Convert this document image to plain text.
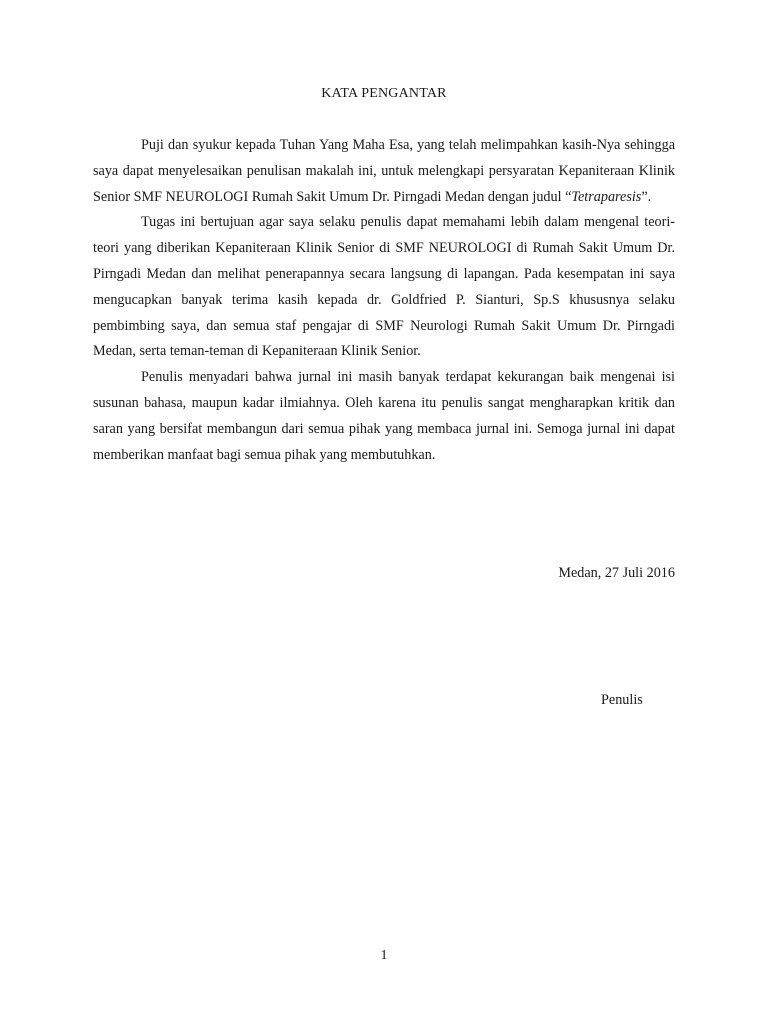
KATA PENGANTAR

Puji dan syukur kepada Tuhan Yang Maha Esa, yang telah melimpahkan kasih-Nya sehingga saya dapat menyelesaikan penulisan makalah ini, untuk melengkapi persyaratan Kepaniteraan Klinik Senior SMF NEUROLOGI Rumah Sakit Umum Dr. Pirngadi Medan dengan judul “Tetraparesis”.

Tugas ini bertujuan agar saya selaku penulis dapat memahami lebih dalam mengenal teori-teori yang diberikan Kepaniteraan Klinik Senior di SMF NEUROLOGI di Rumah Sakit Umum Dr. Pirngadi Medan dan melihat penerapannya secara langsung di lapangan. Pada kesempatan ini saya mengucapkan banyak terima kasih kepada dr. Goldfried P. Sianturi, Sp.S khususnya selaku pembimbing saya, dan semua staf pengajar di SMF Neurologi Rumah Sakit Umum Dr. Pirngadi Medan, serta teman-teman di Kepaniteraan Klinik Senior.

Penulis menyadari bahwa jurnal ini masih banyak terdapat kekurangan baik mengenai isi susunan bahasa, maupun kadar ilmiahnya. Oleh karena itu penulis sangat mengharapkan kritik dan saran yang bersifat membangun dari semua pihak yang membaca jurnal ini. Semoga jurnal ini dapat memberikan manfaat bagi semua pihak yang membutuhkan.

Medan, 27 Juli 2016
Penulis
1
